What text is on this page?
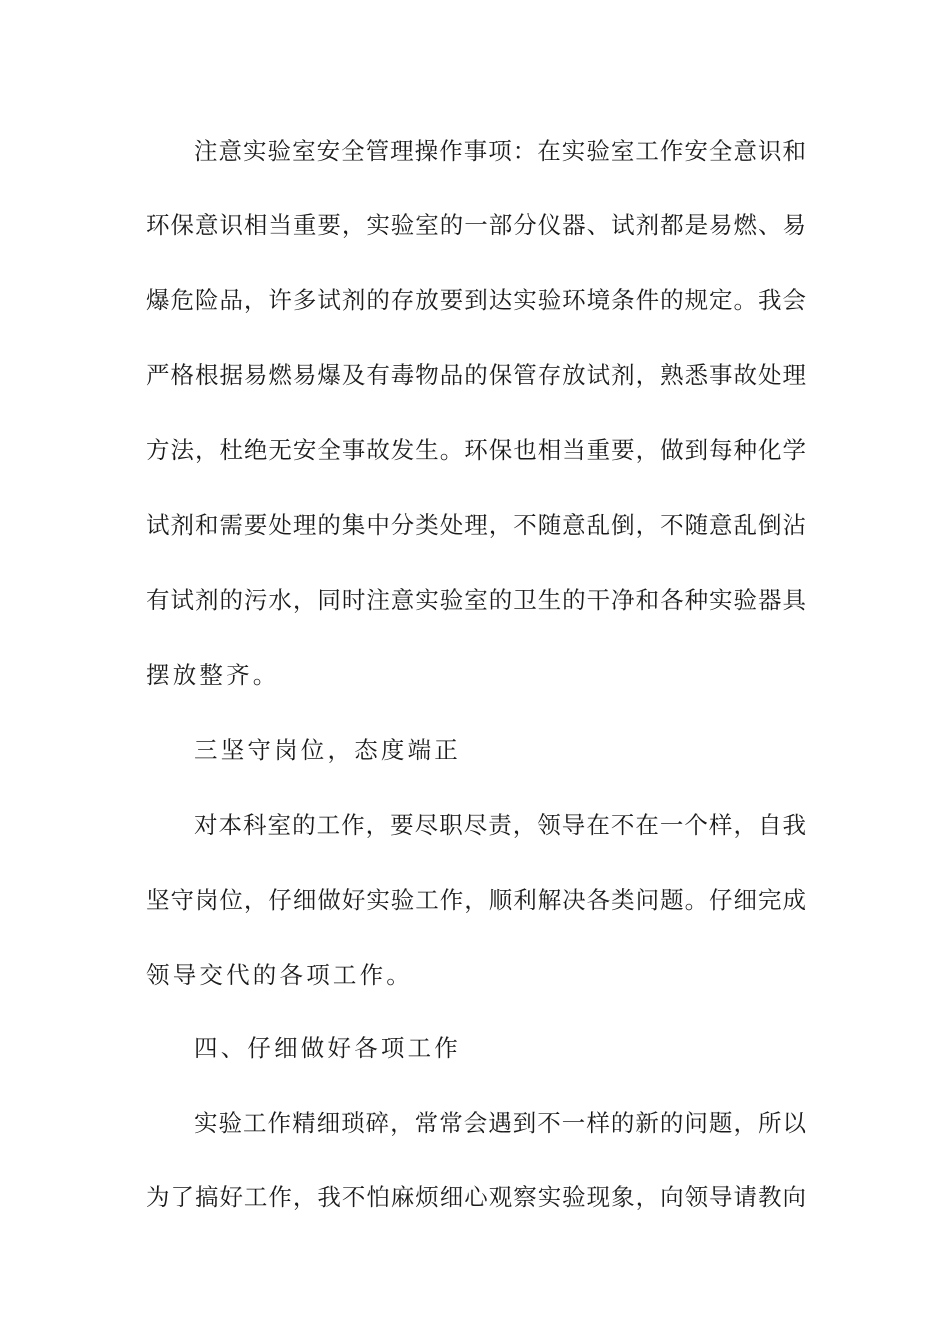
注意实验室安全管理操作事项：在实验室工作安全意识和
环保意识相当重要，实验室的一部分仪器、试剂都是易燃、易
爆危险品，许多试剂的存放要到达实验环境条件的规定。我会
严格根据易燃易爆及有毒物品的保管存放试剂，熟悉事故处理
方法，杜绝无安全事故发生。环保也相当重要，做到每种化学
试剂和需要处理的集中分类处理，不随意乱倒，不随意乱倒沾
有试剂的污水，同时注意实验室的卫生的干净和各种实验器具
摆放整齐。
三坚守岗位，态度端正
对本科室的工作，要尽职尽责，领导在不在一个样，自我
坚守岗位，仔细做好实验工作，顺利解决各类问题。仔细完成
领导交代的各项工作。
四、仔细做好各项工作
实验工作精细琐碎，常常会遇到不一样的新的问题，所以
为了搞好工作，我不怕麻烦细心观察实验现象，向领导请教向
